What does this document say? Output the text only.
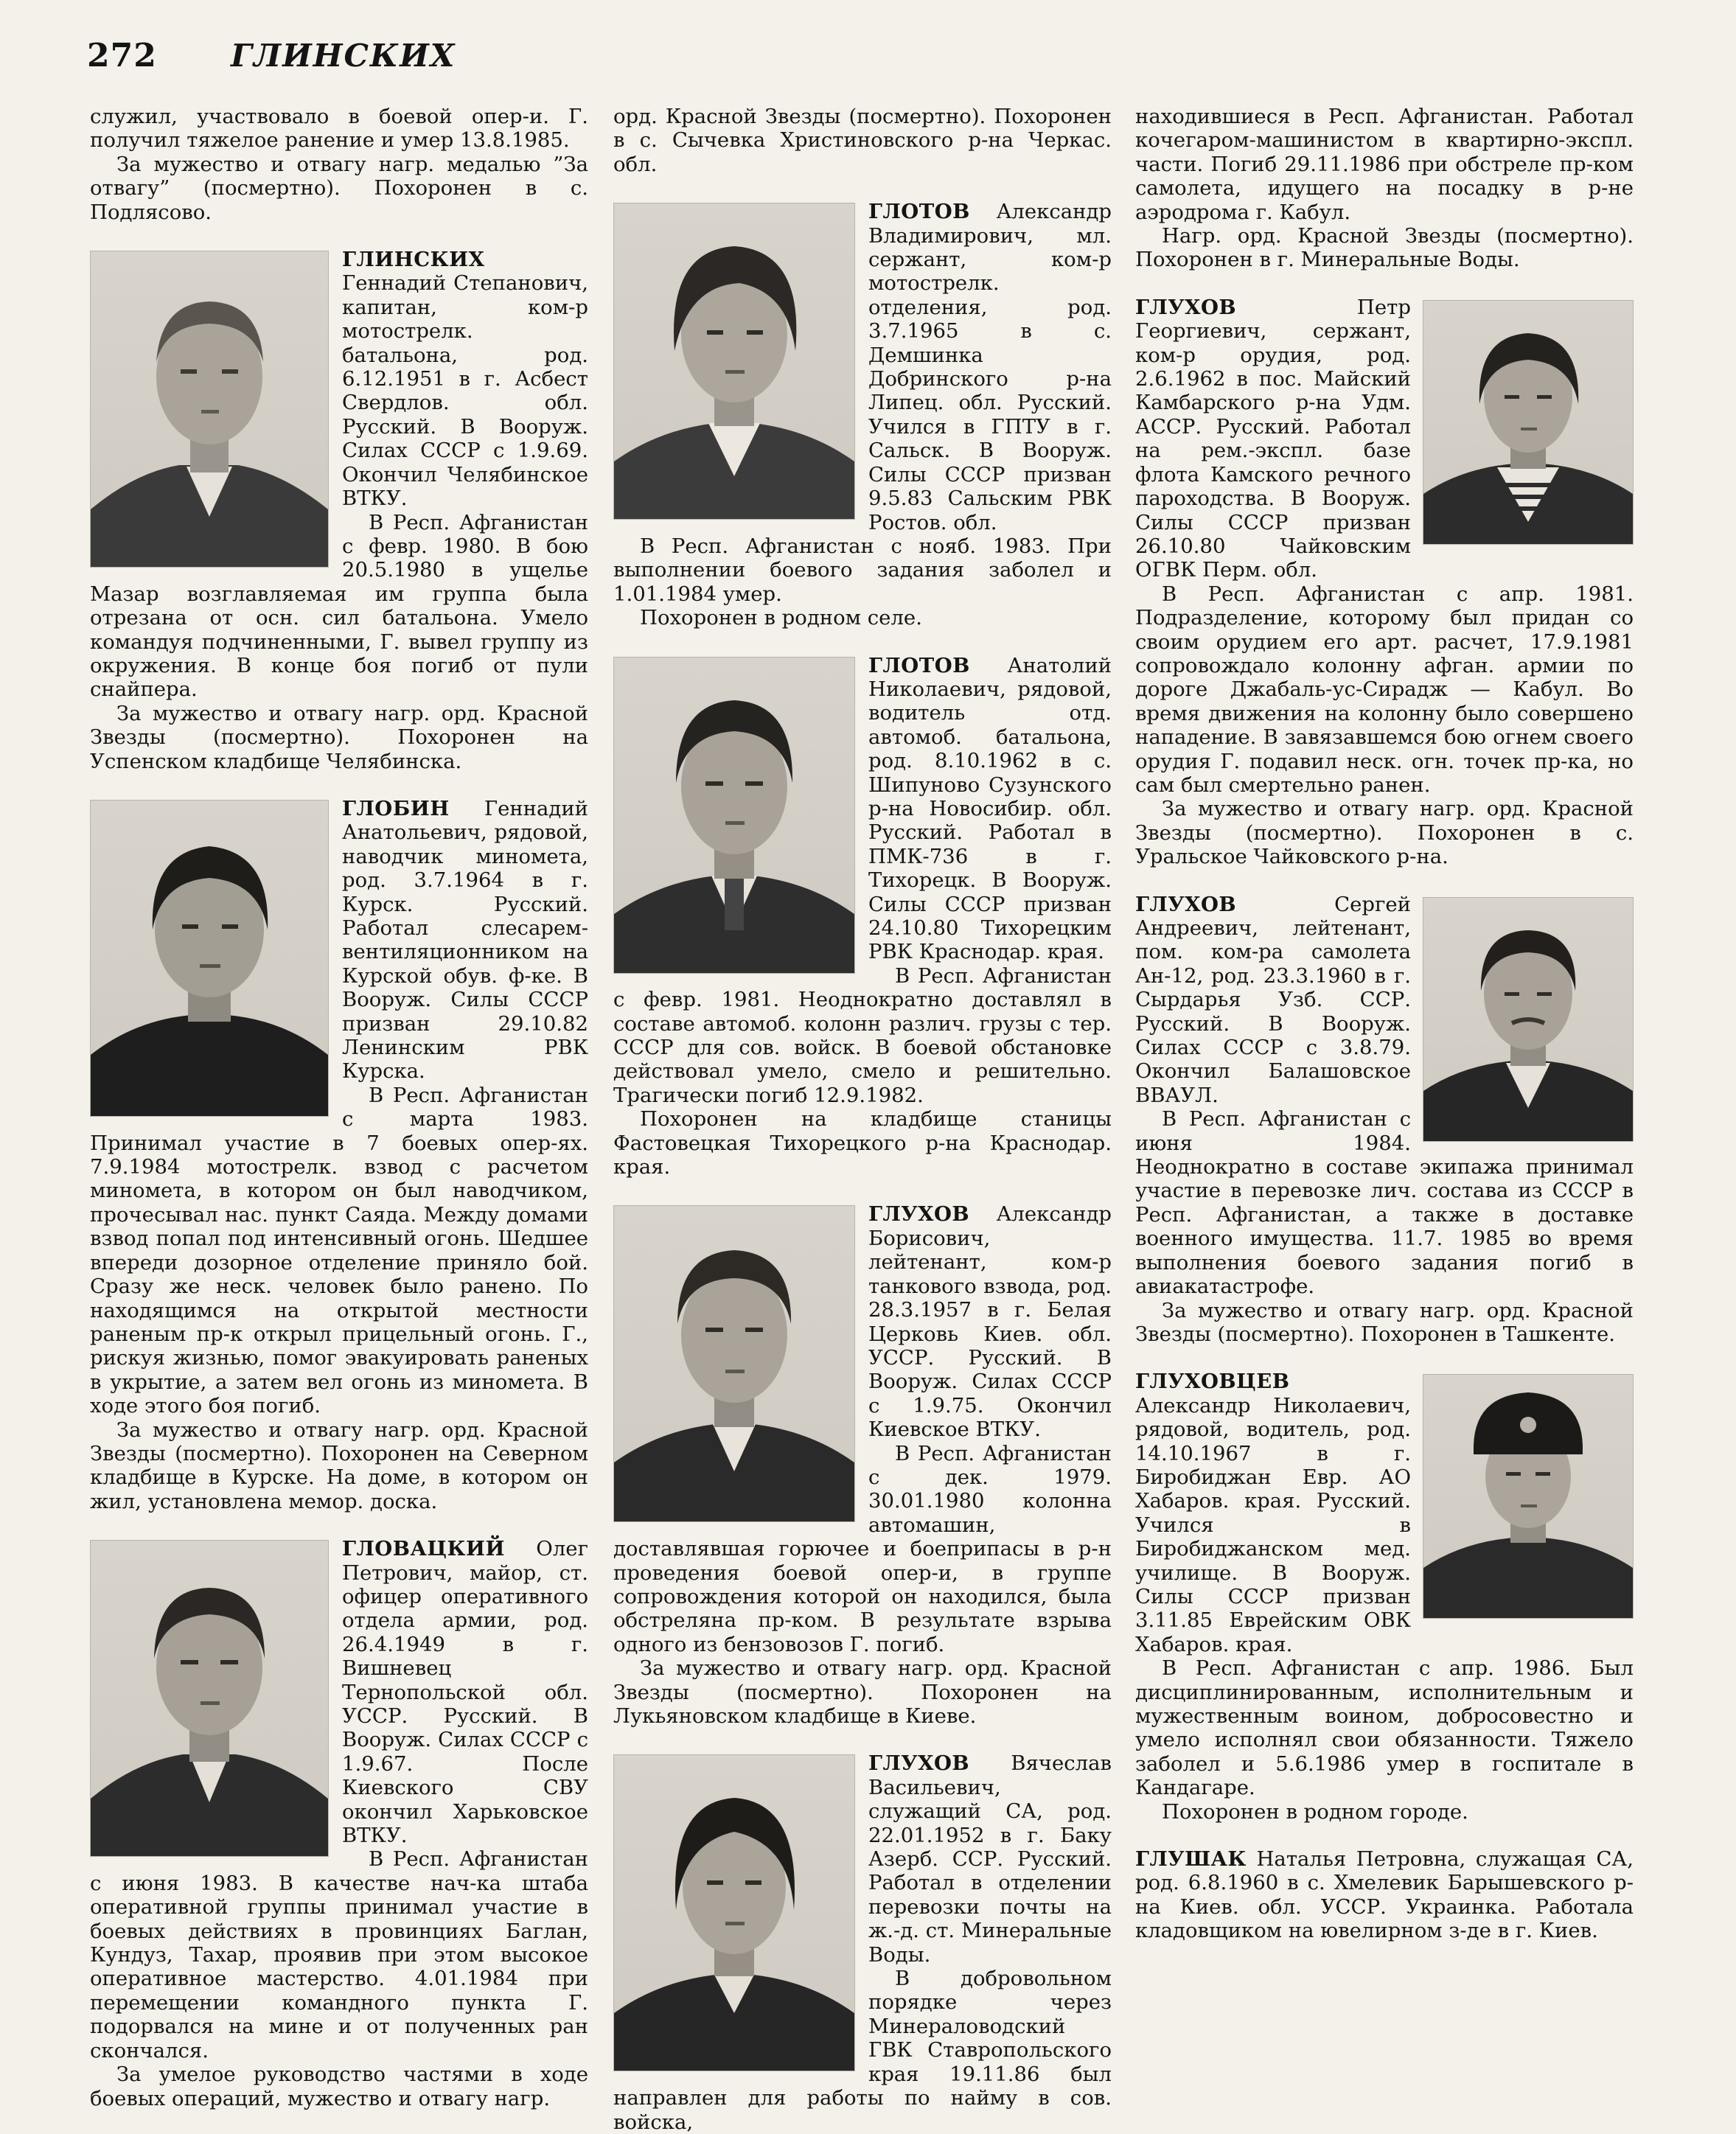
272 ГЛИНСКИХ

служил, участвовало в боевой опер-и. Г. получил тяжелое ранение и умер 13.8.1985.

За мужество и отвагу нагр. медалью ”За отвагу” (посмертно). Похоронен в с. Подлясово.

ГЛИНСКИХ Геннадий Степанович, капитан, ком-р мотострелк. батальона, род. 6.12.1951 в г. Асбест Свердлов. обл. Русский. В Вооруж. Силах СССР с 1.9.69. Окончил Челябинское ВТКУ.

В Респ. Афганистан с февр. 1980. В бою 20.5.1980 в ущелье Мазар возглавляемая им группа была отрезана от осн. сил батальона. Умело командуя подчиненными, Г. вывел группу из окружения. В конце боя погиб от пули снайпера.

За мужество и отвагу нагр. орд. Красной Звезды (посмертно). Похоронен на Успенском кладбище Челябинска.

ГЛОБИН Геннадий Анатольевич, рядовой, наводчик миномета, род. 3.7.1964 в г. Курск. Русский. Работал слесарем-вентиляционником на Курской обув. ф-ке. В Вооруж. Силы СССР призван 29.10.82 Ленинским РВК Курска.

В Респ. Афганистан с марта 1983. Принимал участие в 7 боевых опер-ях. 7.9.1984 мотострелк. взвод с расчетом миномета, в котором он был наводчиком, прочесывал нас. пункт Саяда. Между домами взвод попал под интенсивный огонь. Шедшее впереди дозорное отделение приняло бой. Сразу же неск. человек было ранено. По находящимся на открытой местности раненым пр-к открыл прицельный огонь. Г., рискуя жизнью, помог эвакуировать раненых в укрытие, а затем вел огонь из миномета. В ходе этого боя погиб.

За мужество и отвагу нагр. орд. Красной Звезды (посмертно). Похоронен на Северном кладбище в Курске. На доме, в котором он жил, установлена мемор. доска.

ГЛОВАЦКИЙ Олег Петрович, майор, ст. офицер оперативного отдела армии, род. 26.4.1949 в г. Вишневец Тернопольской обл. УССР. Русский. В Вооруж. Силах СССР с 1.9.67. После Киевского СВУ окончил Харьковское ВТКУ.

В Респ. Афганистан с июня 1983. В качестве нач-ка штаба оперативной группы принимал участие в боевых действиях в провинциях Баглан, Кундуз, Тахар, проявив при этом высокое оперативное мастерство. 4.01.1984 при перемещении командного пункта Г. подорвался на мине и от полученных ран скончался.

За умелое руководство частями в ходе боевых операций, мужество и отвагу нагр.

орд. Красной Звезды (посмертно). Похоронен в с. Сычевка Христиновского р-на Черкас. обл.

ГЛОТОВ Александр Владимирович, мл. сержант, ком-р мотострелк. отделения, род. 3.7.1965 в с. Демшинка Добринского р-на Липец. обл. Русский. Учился в ГПТУ в г. Сальск. В Вооруж. Силы СССР призван 9.5.83 Сальским РВК Ростов. обл.

В Респ. Афганистан с нояб. 1983. При выполнении боевого задания заболел и 1.01.1984 умер.

Похоронен в родном селе.

ГЛОТОВ Анатолий Николаевич, рядовой, водитель отд. автомоб. батальона, род. 8.10.1962 в с. Шипуново Сузунского р-на Новосибир. обл. Русский. Работал в ПМК-736 в г. Тихорецк. В Вооруж. Силы СССР призван 24.10.80 Тихорецким РВК Краснодар. края.

В Респ. Афганистан с февр. 1981. Неоднократно доставлял в составе автомоб. колонн различ. грузы с тер. СССР для сов. войск. В боевой обстановке действовал умело, смело и решительно. Трагически погиб 12.9.1982.

Похоронен на кладбище станицы Фастовецкая Тихорецкого р-на Краснодар. края.

ГЛУХОВ Александр Борисович, лейтенант, ком-р танкового взвода, род. 28.3.1957 в г. Белая Церковь Киев. обл. УССР. Русский. В Вооруж. Силах СССР с 1.9.75. Окончил Киевское ВТКУ.

В Респ. Афганистан с дек. 1979. 30.01.1980 колонна автомашин, доставлявшая горючее и боеприпасы в р-н проведения боевой опер-и, в группе сопровождения которой он находился, была обстреляна пр-ком. В результате взрыва одного из бензовозов Г. погиб.

За мужество и отвагу нагр. орд. Красной Звезды (посмертно). Похоронен на Лукьяновском кладбище в Киеве.

ГЛУХОВ Вячеслав Васильевич, служащий СА, род. 22.01.1952 в г. Баку Азерб. ССР. Русский. Работал в отделении перевозки почты на ж.-д. ст. Минеральные Воды.

В добровольном порядке через Минераловодский ГВК Ставропольского края 19.11.86 был направлен для работы по найму в сов. войска,

находившиеся в Респ. Афганистан. Работал кочегаром-машинистом в квартирно-экспл. части. Погиб 29.11.1986 при обстреле пр-ком самолета, идущего на посадку в р-не аэродрома г. Кабул.

Нагр. орд. Красной Звезды (посмертно). Похоронен в г. Минеральные Воды.

ГЛУХОВ	Петр Георгиевич, сержант, ком-р орудия, род. 2.6.1962 в пос. Майский Камбарского р-на Удм. АССР. Русский. Работал на рем.-экспл. базе флота Камского речного пароходства. В Вооруж. Силы СССР призван 26.10.80 Чайковским ОГВК Перм. обл.

В Респ. Афганистан с апр. 1981. Подразделение, которому был придан со своим орудием его арт. расчет, 17.9.1981 сопровождало колонну афган. армии по дороге Джабаль-ус-Сирадж — Кабул. Во время движения на колонну было совершено нападение. В завязавшемся бою огнем своего орудия Г. подавил неск. огн. точек пр-ка, но сам был смертельно ранен.

За мужество и отвагу нагр. орд. Красной Звезды (посмертно). Похоронен в с. Уральское Чайковского р-на.

ГЛУХОВ	Сергей Андреевич, лейтенант, пом. ком-ра самолета Ан-12, род. 23.3.1960 в г. Сырдарья Узб. ССР. Русский. В Вооруж. Силах СССР с 3.8.79. Окончил Балашовское ВВАУЛ.

В Респ. Афганистан с июня 1984. Неоднократно в составе экипажа принимал участие в перевозке лич. состава из СССР в Респ. Афганистан, а также в доставке военного имущества. 11.7. 1985 во время выполнения боевого задания погиб в авиакатастрофе.

За мужество и отвагу нагр. орд. Красной Звезды (посмертно). Похоронен в Ташкенте.

ГЛУХОВЦЕВ Александр Николаевич, рядовой, водитель, род. 14.10.1967 в г. Биробиджан Евр. АО Хабаров. края. Русский. Учился в Биробиджанском мед. училище. В Вооруж. Силы СССР призван 3.11.85 Еврейским ОВК Хабаров. края.

В Респ. Афганистан с апр. 1986. Был дисциплинированным, исполнительным и мужественным воином, добросовестно и умело исполнял свои обязанности. Тяжело заболел и 5.6.1986 умер в госпитале в Кандагаре.

Похоронен в родном городе.

ГЛУШАК Наталья Петровна, служащая СА, род. 6.8.1960 в с. Хмелевик Барышевского р-на Киев. обл. УССР. Украинка. Работала кладовщиком на ювелирном з-де в г. Киев.
